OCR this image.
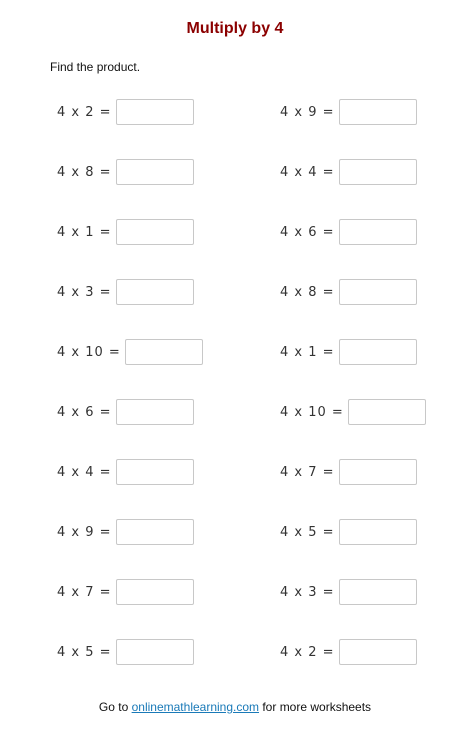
Multiply by 4
Find the product.
4 x 2 =
4 x 8 =
4 x 1 =
4 x 3 =
4 x 10 =
4 x 6 =
4 x 4 =
4 x 9 =
4 x 7 =
4 x 5 =
4 x 9 =
4 x 4 =
4 x 6 =
4 x 8 =
4 x 1 =
4 x 10 =
4 x 7 =
4 x 5 =
4 x 3 =
4 x 2 =
Go to onlinemathlearning.com for more worksheets
